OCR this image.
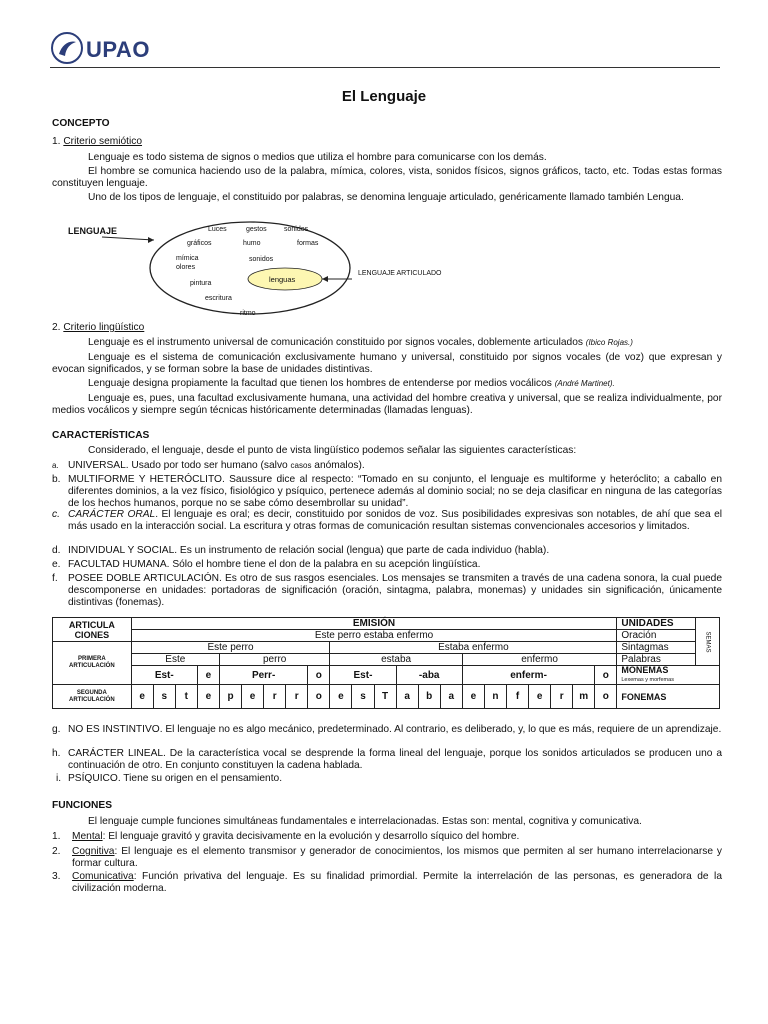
UPAO
El Lenguaje
CONCEPTO
1. Criterio semiótico
Lenguaje es todo sistema de signos o medios que utiliza el hombre para comunicarse con los demás.
El hombre se comunica haciendo uso de la palabra, mímica, colores, vista, sonidos físicos, signos gráficos, tacto, etc. Todas estas formas constituyen lenguaje.
Uno de los tipos de lenguaje, el constituido por palabras, se denomina lenguaje articulado, genéricamente llamado también Lengua.
LENGUAJE
LENGUAJE ARTICULADO
lenguas
Luces	gestos sonidos
gráficos	humo	formas
mímica
olores
sonidos
pintura
escritura
ritmo
2. Criterio lingüístico
Lenguaje es el instrumento universal de comunicación constituido por signos vocales, doblemente articulados (Ibico Rojas.)
Lenguaje es el sistema de comunicación exclusivamente humano y universal, constituido por signos vocales (de voz) que expresan y evocan significados, y se forman sobre la base de unidades distintivas.
Lenguaje designa propiamente la facultad que tienen los hombres de entenderse por medios vocálicos (André Martinet).
Lenguaje es, pues, una facultad exclusivamente humana, una actividad del hombre creativa y universal, que se realiza individualmente, por medios vocálicos y siempre según técnicas históricamente determinadas (llamadas lenguas).
CARACTERÍSTICAS
Considerado, el lenguaje, desde el punto de vista lingüístico podemos señalar las siguientes características:
a. UNIVERSAL. Usado por todo ser humano (salvo casos anómalos).
b. MULTIFORME Y HETERÓCLITO. Saussure dice al respecto: “Tomado en su conjunto, el lenguaje es multiforme y heteróclito; a caballo en diferentes dominios, a la vez físico, fisiológico y psíquico, pertenece además al dominio social; no se deja clasificar en ninguna de las categorías de los hechos humanos, porque no se sabe cómo desembrollar su unidad”.
c. CARÁCTER ORAL. El lenguaje es oral; es decir, constituido por sonidos de voz. Sus posibilidades expresivas son notables, de ahí que sea el más usado en la interacción social. La escritura y otras formas de comunicación resultan sistemas convencionales accesorios y limitados.
d. INDIVIDUAL Y SOCIAL. Es un instrumento de relación social (lengua) que parte de cada individuo (habla).
e. FACULTAD HUMANA. Sólo el hombre tiene el don de la palabra en su acepción lingüística.
f. POSEE DOBLE ARTICULACIÓN. Es otro de sus rasgos esenciales. Los mensajes se transmiten a través de una cadena sonora, la cual puede descomponerse en unidades: portadoras de significación (oración, sintagma, palabra, monemas) y unidades sin significación, únicamente distintivas (fonemas).
ARTICULA CIONES	EMISIÓN																						UNIDADES	SEMAS

	Este perro estaba enfermo																						Oración	
PRIMERA
ARTICULACIÓN	Este perro									Estaba enfermo													Sintagmas	
	Este				perro					estaba						enfermo							Palabras	
	Est-			e	Perr-				o	Est-			-aba			enferm-						o	MONEMAS
Lexemas y morfemas	
SEGUNDA
ARTICULACIÓN	e	s	t	e	p	e	r	r	o	e	s	T	a	b	a	e	n	f	e	r	m	o	FONEMAS	
g. NO ES INSTINTIVO. El lenguaje no es algo mecánico, predeterminado. Al contrario, es deliberado, y, lo que es más, requiere de un aprendizaje.
h. CARÁCTER LINEAL. De la característica vocal se desprende la forma lineal del lenguaje, porque los sonidos articulados se producen uno a continuación de otro. En conjunto constituyen la cadena hablada.
i. PSÍQUICO. Tiene su origen en el pensamiento.
FUNCIONES
El lenguaje cumple funciones simultáneas fundamentales e interrelacionadas. Estas son: mental, cognitiva y comunicativa.
1. Mental: El lenguaje gravitó y gravita decisivamente en la evolución y desarrollo síquico del hombre.
2. Cognitiva: El lenguaje es el elemento transmisor y generador de conocimientos, los mismos que permiten al ser humano interrelacionarse y formar cultura.
3. Comunicativa: Función privativa del lenguaje. Es su finalidad primordial. Permite la interrelación de las personas, es generadora de la civilización moderna.
